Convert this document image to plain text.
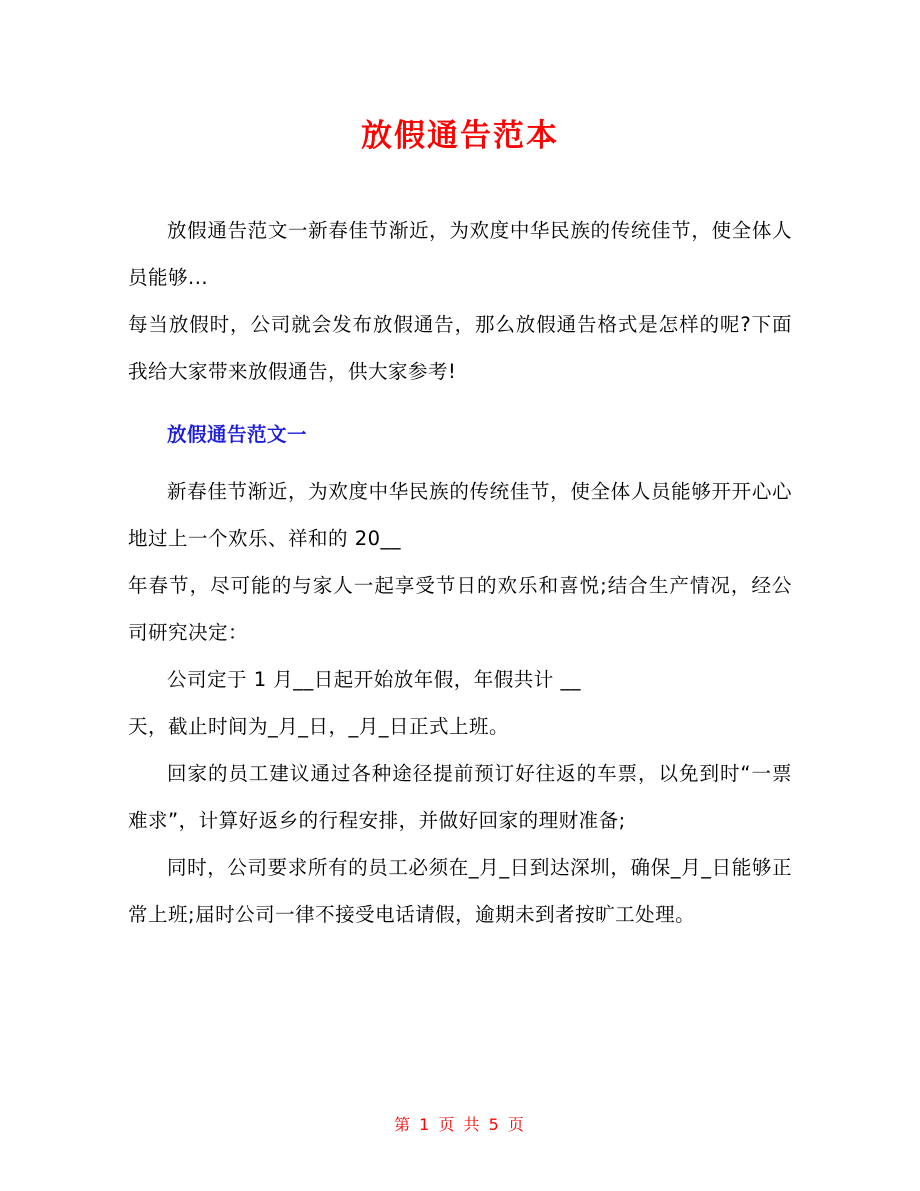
放假通告范本

放假通告范文一新春佳节渐近，为欢度中华民族的传统佳节，使全体人员能够...

每当放假时，公司就会发布放假通告，那么放假通告格式是怎样的呢?下面我给大家带来放假通告，供大家参考!

放假通告范文一

新春佳节渐近，为欢度中华民族的传统佳节，使全体人员能够开开心心地过上一个欢乐、祥和的 20__

年春节，尽可能的与家人一起享受节日的欢乐和喜悦;结合生产情况，经公司研究决定：

公司定于 1 月__日起开始放年假，年假共计 __

天，截止时间为_月_日，_月_日正式上班。

回家的员工建议通过各种途径提前预订好往返的车票，以免到时“一票难求”，计算好返乡的行程安排，并做好回家的理财准备;

同时，公司要求所有的员工必须在_月_日到达深圳，确保_月_日能够正常上班;届时公司一律不接受电话请假，逾期未到者按旷工处理。

第 1 页 共 5 页
